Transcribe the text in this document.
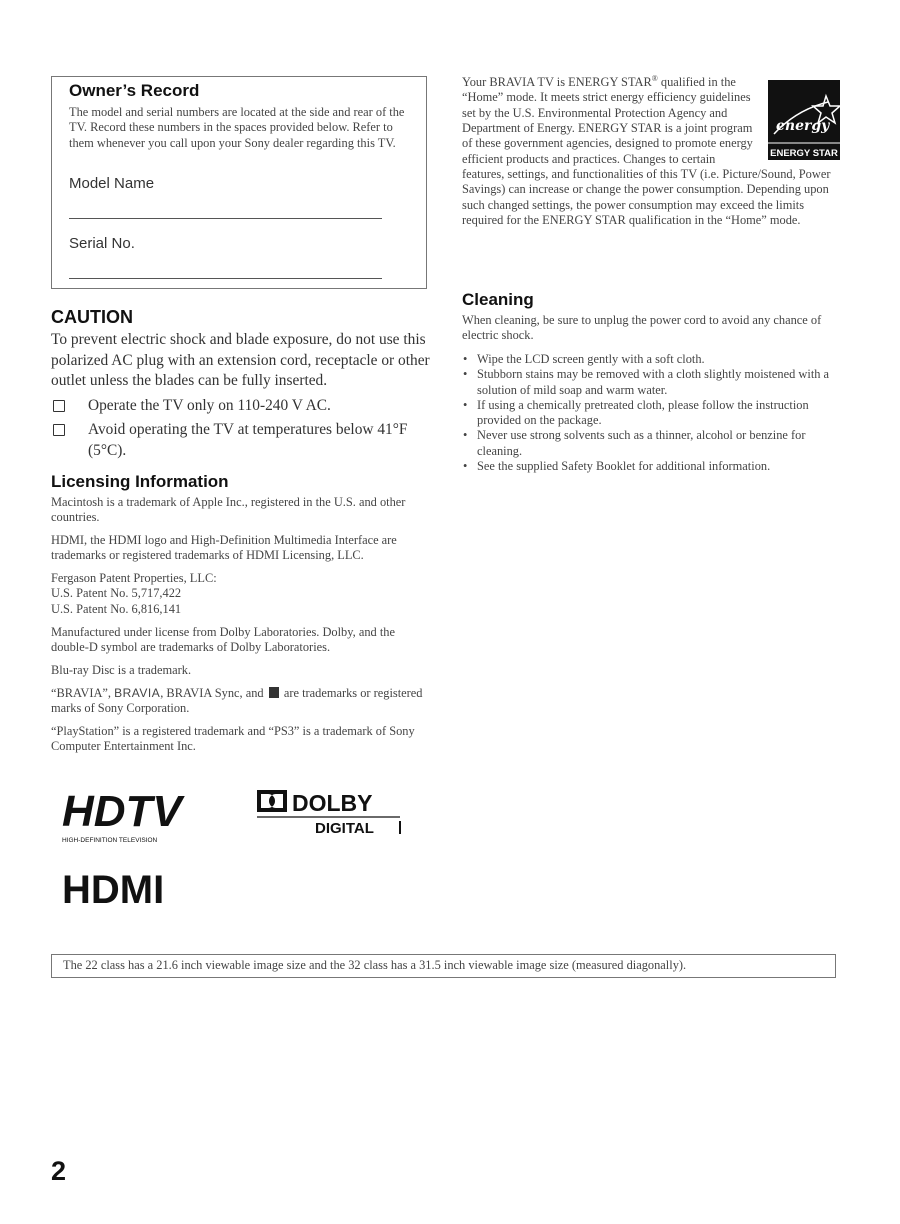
Owner’s Record

The model and serial numbers are located at the side and rear of the TV. Record these numbers in the spaces provided below. Refer to them whenever you call upon your Sony dealer regarding this TV.

Model Name
Serial No.
CAUTION

To prevent electric shock and blade exposure, do not use this polarized AC plug with an extension cord, receptacle or other outlet unless the blades can be fully inserted.

Operate the TV only on 110-240 V AC.
Avoid operating the TV at temperatures below 41°F (5°C).
Licensing Information

Macintosh is a trademark of Apple Inc., registered in the U.S. and other countries.

HDMI, the HDMI logo and High-Definition Multimedia Interface are trademarks or registered trademarks of HDMI Licensing, LLC.

Fergason Patent Properties, LLC:
U.S. Patent No. 5,717,422
U.S. Patent No. 6,816,141

Manufactured under license from Dolby Laboratories. Dolby, and the double-D symbol are trademarks of Dolby Laboratories.

Blu-ray Disc is a trademark.

“BRAVIA”, BRAVIA, BRAVIA Sync, and are trademarks or registered marks of Sony Corporation.

“PlayStation” is a registered trademark and “PS3” is a trademark of Sony Computer Entertainment Inc.

HDTV
HIGH-DEFINITION TELEVISION
DOLBY
DIGITAL
HDMI
energy
ENERGY STAR
Your BRAVIA TV is ENERGY STAR® qualified in the “Home” mode. It meets strict energy efficiency guidelines set by the U.S. Environmental Protection Agency and Department of Energy. ENERGY STAR is a joint program of these government agencies, designed to promote energy efficient products and practices. Changes to certain features, settings, and functionalities of this TV (i.e. Picture/Sound, Power Savings) can increase or change the power consumption. Depending upon such changed settings, the power consumption may exceed the limits required for the ENERGY STAR qualification in the “Home” mode.
Cleaning

When cleaning, be sure to unplug the power cord to avoid any chance of electric shock.

• Wipe the LCD screen gently with a soft cloth.
• Stubborn stains may be removed with a cloth slightly moistened with a solution of mild soap and warm water.
• If using a chemically pretreated cloth, please follow the instruction provided on the package.
• Never use strong solvents such as a thinner, alcohol or benzine for cleaning.
• See the supplied Safety Booklet for additional information.
The 22 class has a 21.6 inch viewable image size and the 32 class has a 31.5 inch viewable image size (measured diagonally).
2
